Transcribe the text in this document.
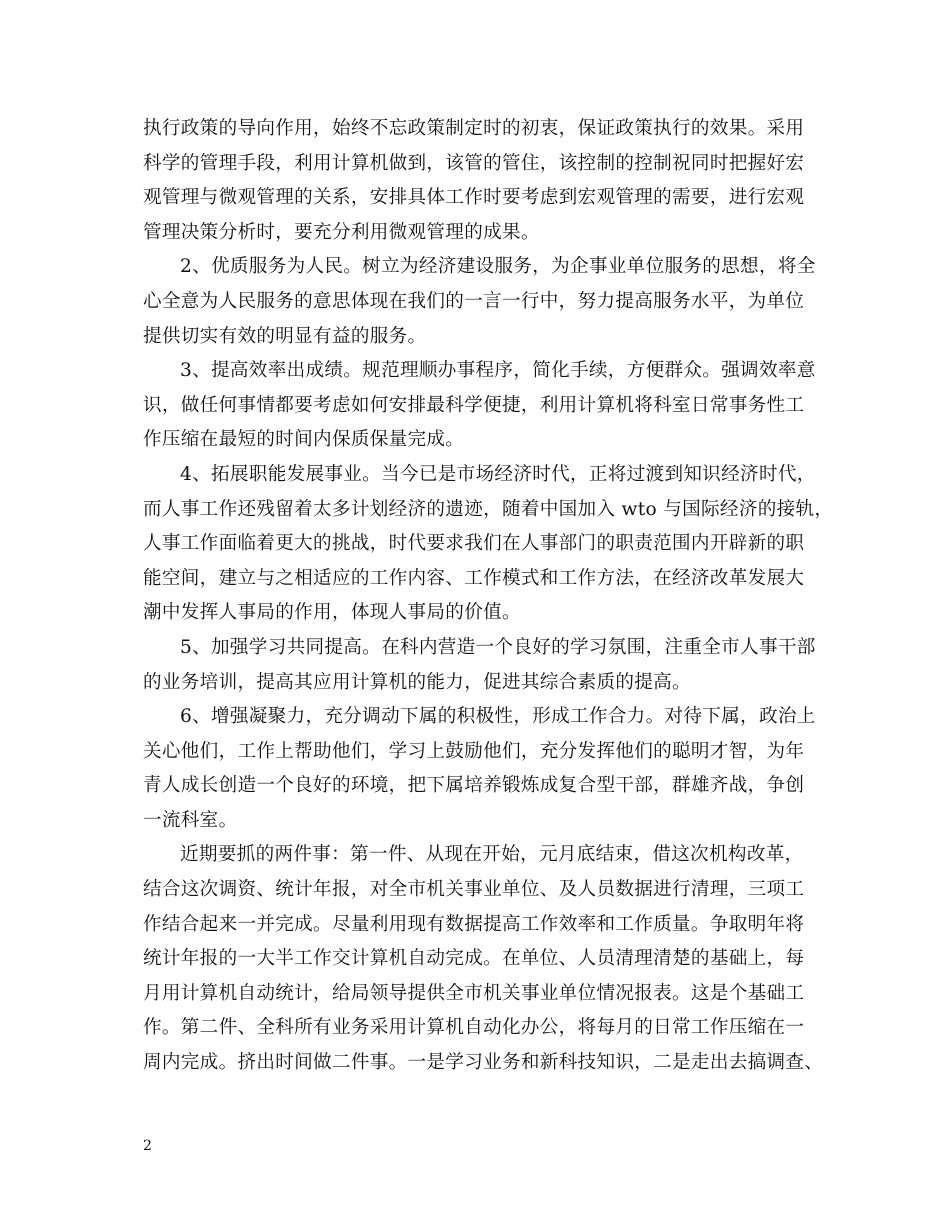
执行政策的导向作用，始终不忘政策制定时的初衷，保证政策执行的效果。采用
科学的管理手段，利用计算机做到，该管的管住，该控制的控制祝同时把握好宏
观管理与微观管理的关系，安排具体工作时要考虑到宏观管理的需要，进行宏观
管理决策分析时，要充分利用微观管理的成果。

2、优质服务为人民。树立为经济建设服务，为企事业单位服务的思想，将全
心全意为人民服务的意思体现在我们的一言一行中，努力提高服务水平，为单位
提供切实有效的明显有益的服务。

3、提高效率出成绩。规范理顺办事程序，简化手续，方便群众。强调效率意
识，做任何事情都要考虑如何安排最科学便捷，利用计算机将科室日常事务性工
作压缩在最短的时间内保质保量完成。

4、拓展职能发展事业。当今已是市场经济时代，正将过渡到知识经济时代，
而人事工作还残留着太多计划经济的遗迹，随着中国加入 wto 与国际经济的接轨，
人事工作面临着更大的挑战，时代要求我们在人事部门的职责范围内开辟新的职
能空间，建立与之相适应的工作内容、工作模式和工作方法，在经济改革发展大
潮中发挥人事局的作用，体现人事局的价值。

5、加强学习共同提高。在科内营造一个良好的学习氛围，注重全市人事干部
的业务培训，提高其应用计算机的能力，促进其综合素质的提高。

6、增强凝聚力，充分调动下属的积极性，形成工作合力。对待下属，政治上
关心他们，工作上帮助他们，学习上鼓励他们，充分发挥他们的聪明才智，为年
青人成长创造一个良好的环境，把下属培养锻炼成复合型干部，群雄齐战，争创
一流科室。

近期要抓的两件事：第一件、从现在开始，元月底结束，借这次机构改革，
结合这次调资、统计年报，对全市机关事业单位、及人员数据进行清理，三项工
作结合起来一并完成。尽量利用现有数据提高工作效率和工作质量。争取明年将
统计年报的一大半工作交计算机自动完成。在单位、人员清理清楚的基础上，每
月用计算机自动统计，给局领导提供全市机关事业单位情况报表。这是个基础工
作。第二件、全科所有业务采用计算机自动化办公，将每月的日常工作压缩在一
周内完成。挤出时间做二件事。一是学习业务和新科技知识，二是走出去搞调查、

2
